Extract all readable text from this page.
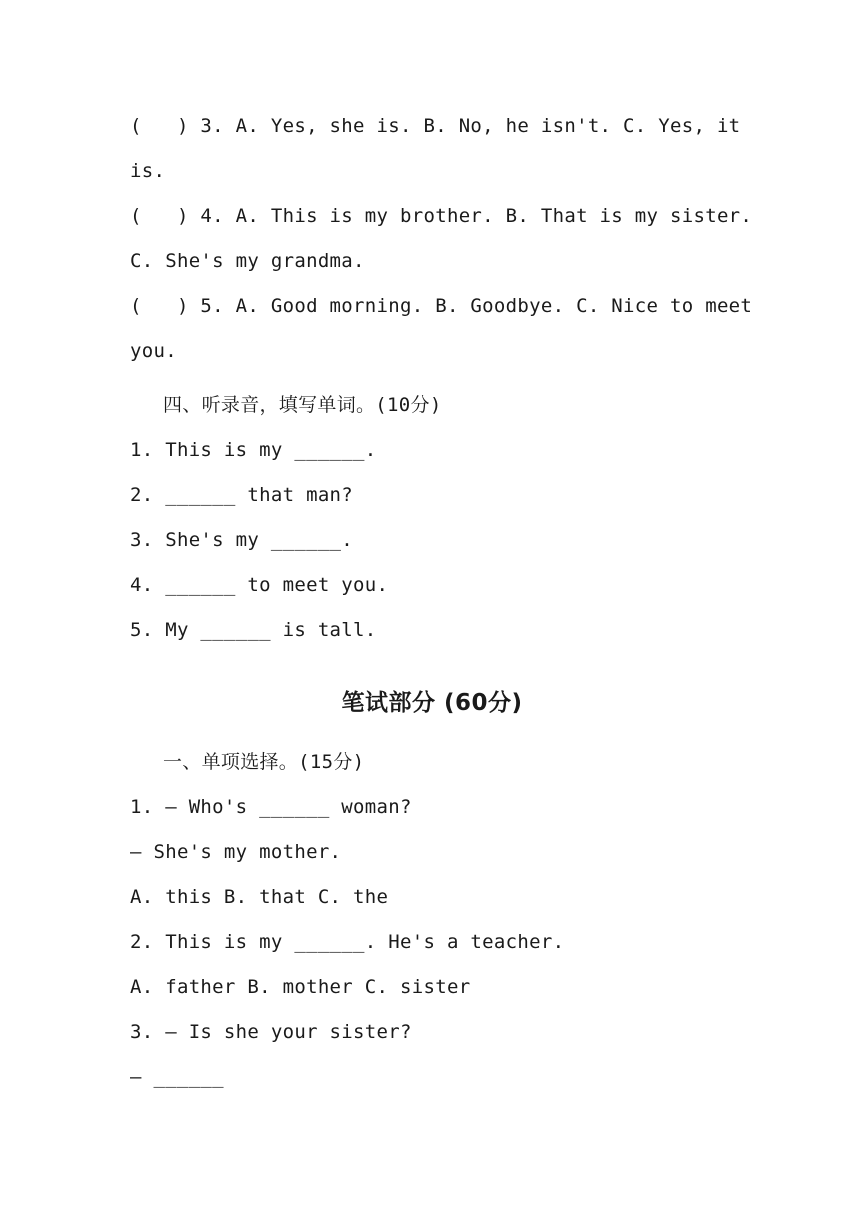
(   ) 3. A. Yes, she is. B. No, he isn't. C. Yes, it
is.
(   ) 4. A. This is my brother. B. That is my sister.
C. She's my grandma.
(   ) 5. A. Good morning. B. Goodbye. C. Nice to meet
you.
四、听录音，填写单词。(10分)
1. This is my ______.
2. ______ that man?
3. She's my ______.
4. ______ to meet you.
5. My ______ is tall.
笔试部分 (60分)
一、单项选择。(15分)
1. — Who's ______ woman?
— She's my mother.
A. this B. that C. the
2. This is my ______. He's a teacher.
A. father B. mother C. sister
3. — Is she your sister?
— ______
